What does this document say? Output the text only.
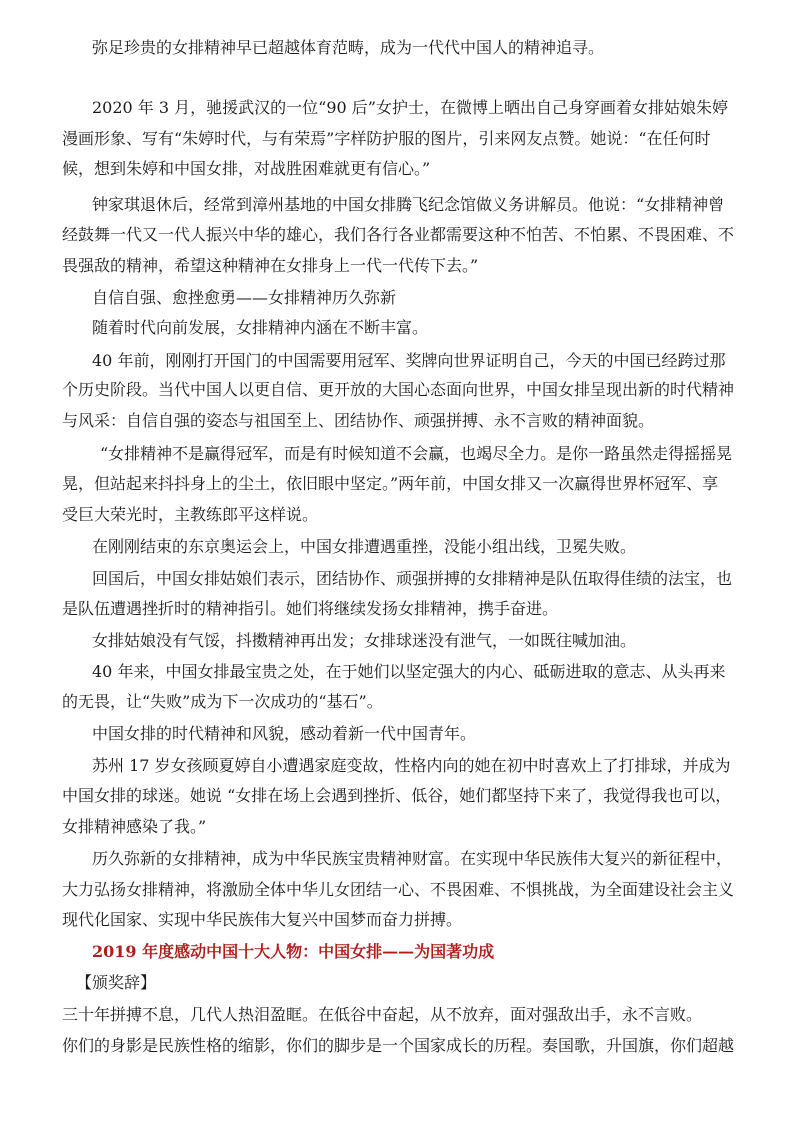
弥足珍贵的女排精神早已超越体育范畴，成为一代代中国人的精神追寻。
2020 年 3 月，驰援武汉的一位“90 后”女护士，在微博上晒出自己身穿画着女排姑娘朱婷
漫画形象、写有“朱婷时代，与有荣焉”字样防护服的图片，引来网友点赞。她说：“在任何时
候，想到朱婷和中国女排，对战胜困难就更有信心。”
钟家琪退休后，经常到漳州基地的中国女排腾飞纪念馆做义务讲解员。他说：“女排精神曾
经鼓舞一代又一代人振兴中华的雄心，我们各行各业都需要这种不怕苦、不怕累、不畏困难、不
畏强敌的精神，希望这种精神在女排身上一代一代传下去。”
自信自强、愈挫愈勇——女排精神历久弥新
随着时代向前发展，女排精神内涵在不断丰富。
40 年前，刚刚打开国门的中国需要用冠军、奖牌向世界证明自己，今天的中国已经跨过那
个历史阶段。当代中国人以更自信、更开放的大国心态面向世界，中国女排呈现出新的时代精神
与风采：自信自强的姿态与祖国至上、团结协作、顽强拼搏、永不言败的精神面貌。
“女排精神不是赢得冠军，而是有时候知道不会赢，也竭尽全力。是你一路虽然走得摇摇晃
晃，但站起来抖抖身上的尘土，依旧眼中坚定。”两年前，中国女排又一次赢得世界杯冠军、享
受巨大荣光时，主教练郎平这样说。
在刚刚结束的东京奥运会上，中国女排遭遇重挫，没能小组出线，卫冕失败。
回国后，中国女排姑娘们表示，团结协作、顽强拼搏的女排精神是队伍取得佳绩的法宝，也
是队伍遭遇挫折时的精神指引。她们将继续发扬女排精神，携手奋进。
女排姑娘没有气馁，抖擞精神再出发；女排球迷没有泄气，一如既往喊加油。
40 年来，中国女排最宝贵之处，在于她们以坚定强大的内心、砥砺进取的意志、从头再来
的无畏，让“失败”成为下一次成功的“基石”。
中国女排的时代精神和风貌，感动着新一代中国青年。
苏州 17 岁女孩顾夏婷自小遭遇家庭变故，性格内向的她在初中时喜欢上了打排球，并成为
中国女排的球迷。她说 “女排在场上会遇到挫折、低谷，她们都坚持下来了，我觉得我也可以，
女排精神感染了我。”
历久弥新的女排精神，成为中华民族宝贵精神财富。在实现中华民族伟大复兴的新征程中，
大力弘扬女排精神，将激励全体中华儿女团结一心、不畏困难、不惧挑战，为全面建设社会主义
现代化国家、实现中华民族伟大复兴中国梦而奋力拼搏。
2019 年度感动中国十大人物：中国女排——为国著功成
【颁奖辞】
三十年拼搏不息，几代人热泪盈眶。在低谷中奋起，从不放弃，面对强敌出手，永不言败。
你们的身影是民族性格的缩影，你们的脚步是一个国家成长的历程。奏国歌，升国旗，你们超越
